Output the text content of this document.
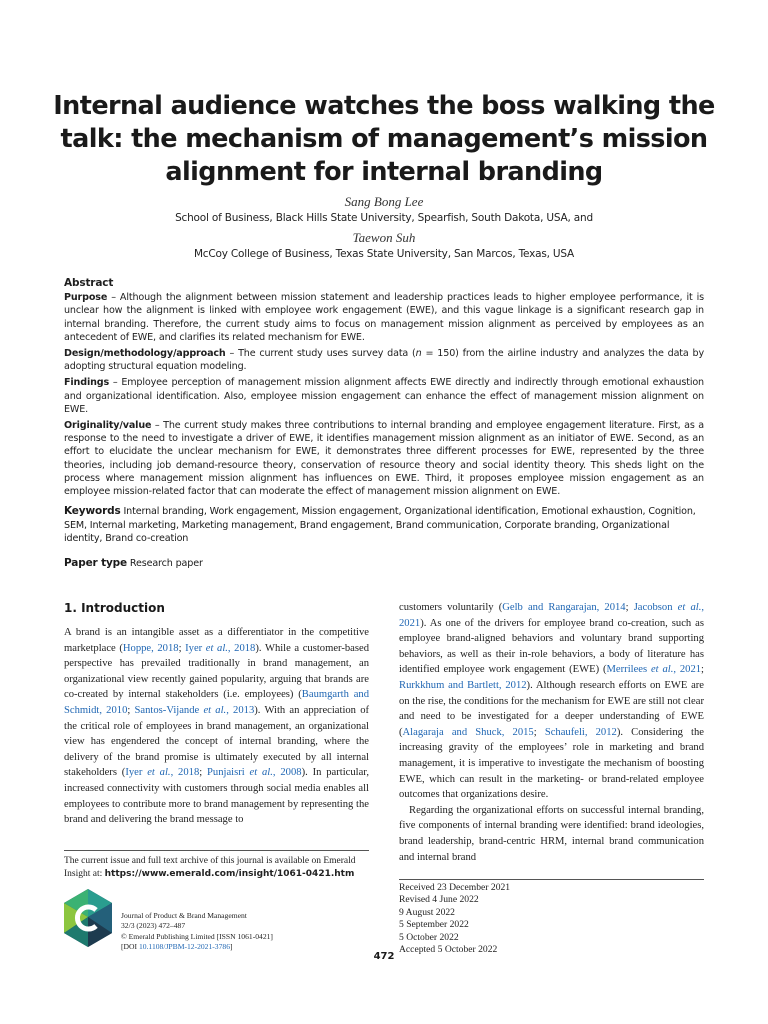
Internal audience watches the boss walking the talk: the mechanism of management’s mission alignment for internal branding
Sang Bong Lee
School of Business, Black Hills State University, Spearfish, South Dakota, USA, and
Taewon Suh
McCoy College of Business, Texas State University, San Marcos, Texas, USA
Abstract

Purpose – Although the alignment between mission statement and leadership practices leads to higher employee performance, it is unclear how the alignment is linked with employee work engagement (EWE), and this vague linkage is a significant research gap in internal branding. Therefore, the current study aims to focus on management mission alignment as perceived by employees as an antecedent of EWE, and clarifies its related mechanism for EWE.

Design/methodology/approach – The current study uses survey data (n = 150) from the airline industry and analyzes the data by adopting structural equation modeling.

Findings – Employee perception of management mission alignment affects EWE directly and indirectly through emotional exhaustion and organizational identification. Also, employee mission engagement can enhance the effect of management mission alignment on EWE.

Originality/value – The current study makes three contributions to internal branding and employee engagement literature. First, as a response to the need to investigate a driver of EWE, it identifies management mission alignment as an initiator of EWE. Second, as an effort to elucidate the unclear mechanism for EWE, it demonstrates three different processes for EWE, represented by the three theories, including job demand-resource theory, conservation of resource theory and social identity theory. This sheds light on the process where management mission alignment has influences on EWE. Third, it proposes employee mission engagement as an employee mission-related factor that can moderate the effect of management mission alignment on EWE.

Keywords Internal branding, Work engagement, Mission engagement, Organizational identification, Emotional exhaustion, Cognition, SEM, Internal marketing, Marketing management, Brand engagement, Brand communication, Corporate branding, Organizational identity, Brand co-creation
Paper type Research paper
1. Introduction

A brand is an intangible asset as a differentiator in the competitive marketplace (Hoppe, 2018; Iyer et al., 2018). While a customer-based perspective has prevailed traditionally in brand management, an organizational view recently gained popularity, arguing that brands are co-created by internal stakeholders (i.e. employees) (Baumgarth and Schmidt, 2010; Santos-Vijande et al., 2013). With an appreciation of the critical role of employees in brand management, an organizational view has engendered the concept of internal branding, where the delivery of the brand promise is ultimately executed by all internal stakeholders (Iyer et al., 2018; Punjaisri et al., 2008). In particular, increased connectivity with customers through social media enables all employees to contribute more to brand management by representing the brand and delivering the brand message to

customers voluntarily (Gelb and Rangarajan, 2014; Jacobson et al., 2021). As one of the drivers for employee brand co-creation, such as employee brand-aligned behaviors and voluntary brand supporting behaviors, as well as their in-role behaviors, a body of literature has identified employee work engagement (EWE) (Merrilees et al., 2021; Rurkkhum and Bartlett, 2012). Although research efforts on EWE are on the rise, the conditions for the mechanism for EWE are still not clear and need to be investigated for a deeper understanding of EWE (Alagaraja and Shuck, 2015; Schaufeli, 2012). Considering the increasing gravity of the employees’ role in marketing and brand management, it is imperative to investigate the mechanism of boosting EWE, which can result in the marketing- or brand-related employee outcomes that organizations desire.

Regarding the organizational efforts on successful internal branding, five components of internal branding were identified: brand ideologies, brand leadership, brand-centric HRM, internal brand communication and internal brand

The current issue and full text archive of this journal is available on Emerald Insight at: https://www.emerald.com/insight/1061-0421.htm
Journal of Product & Brand Management
32/3 (2023) 472–487
© Emerald Publishing Limited [ISSN 1061-0421]
[DOI 10.1108/JPBM-12-2021-3786]
Received 23 December 2021
Revised 4 June 2022
9 August 2022
5 September 2022
5 October 2022
Accepted 5 October 2022
472
